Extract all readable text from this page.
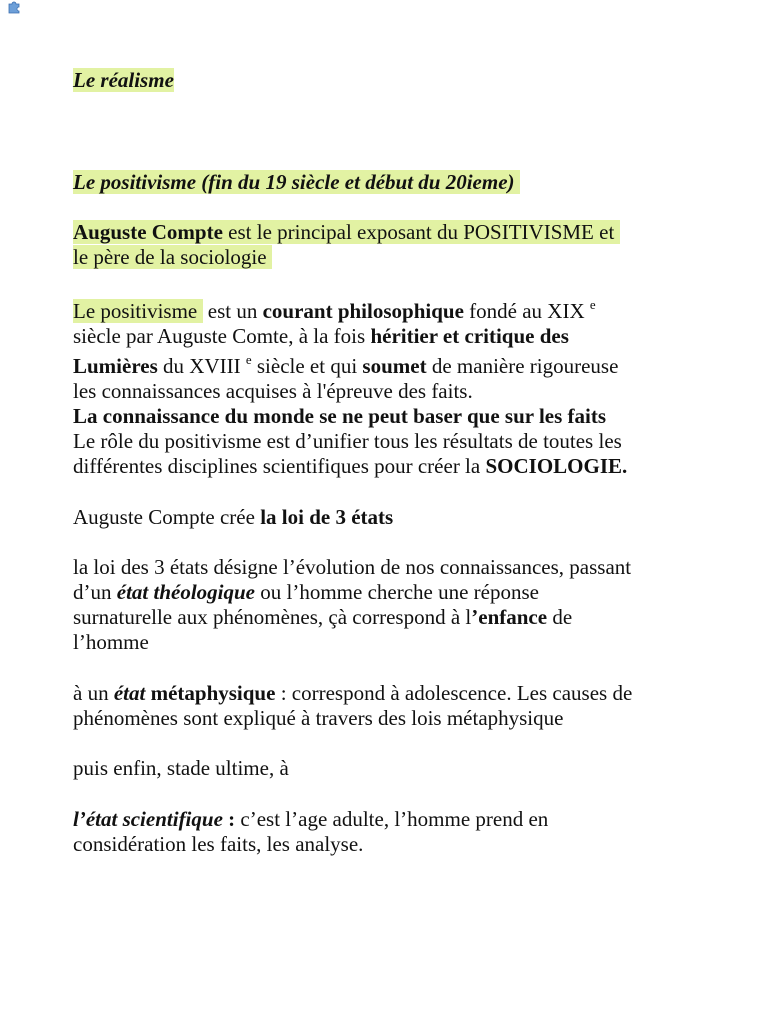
Le réalisme
Le positivisme (fin du 19 siècle et début du 20ieme)
Auguste Compte est le principal exposant du POSITIVISME et
le père de la sociologie
Le positivisme  est un courant philosophique fondé au XIX $^e$
siècle par Auguste Comte, à la fois héritier et critique des
Lumières du XVIII $^e$ siècle et qui soumet de manière rigoureuse
les connaissances acquises à l'épreuve des faits.
La connaissance du monde se ne peut baser que sur les faits
Le rôle du positivisme est d’unifier tous les résultats de toutes les
différentes disciplines scientifiques pour créer la SOCIOLOGIE.
Auguste Compte crée la loi de 3 états
la loi des 3 états désigne l’évolution de nos connaissances, passant
d’un état théologique ou l’homme cherche une réponse
surnaturelle aux phénomènes, çà correspond à l’enfance de
l’homme
à un état métaphysique : correspond à adolescence. Les causes de
phénomènes sont expliqué à travers des lois métaphysique
puis enfin, stade ultime, à
l’état scientifique : c’est l’age adulte, l’homme prend en
considération les faits, les analyse.
